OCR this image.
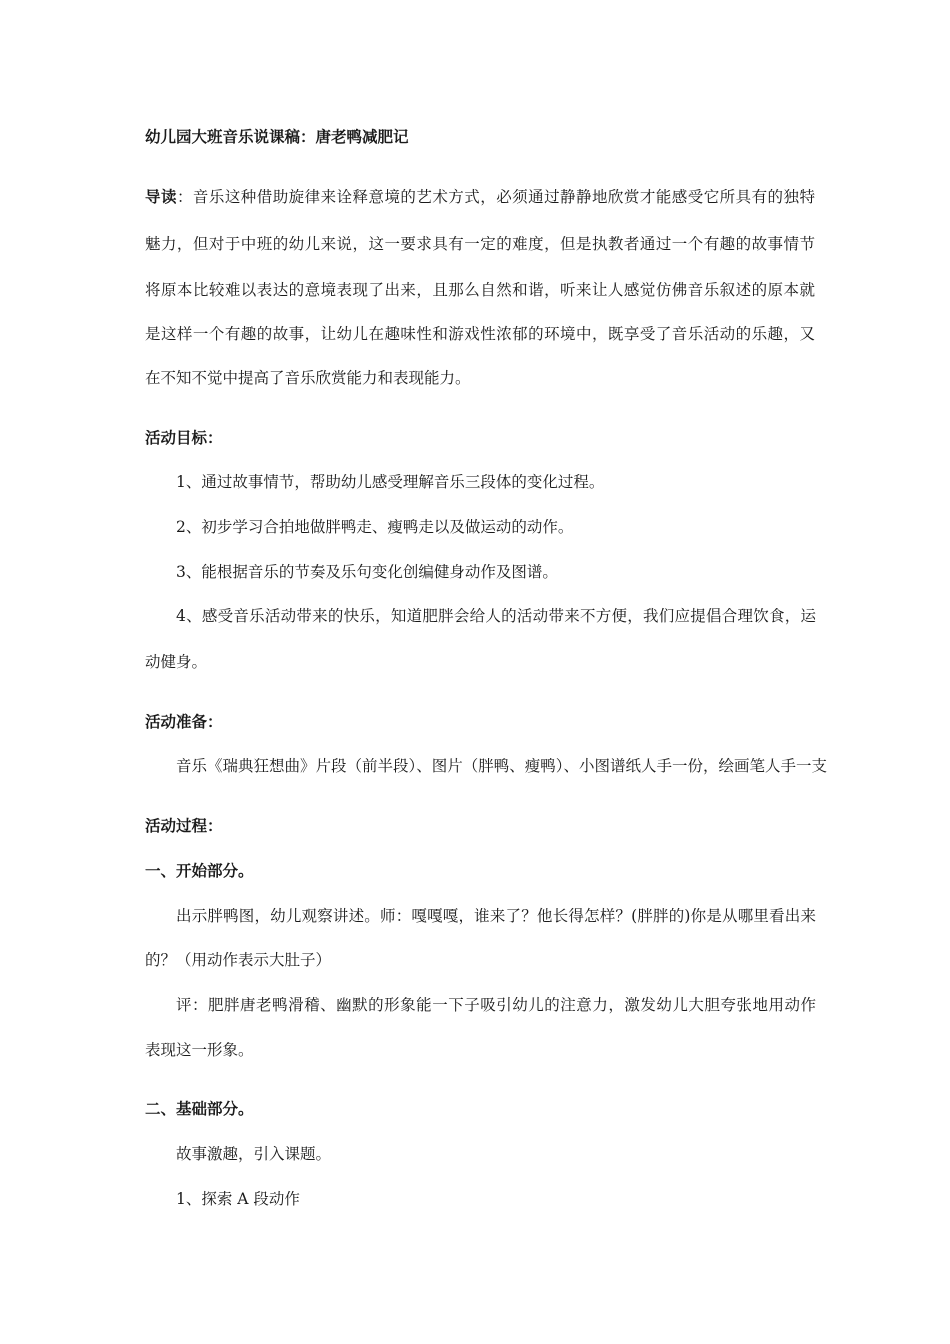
幼儿园大班音乐说课稿：唐老鸭减肥记
导读：音乐这种借助旋律来诠释意境的艺术方式，必须通过静静地欣赏才能感受它所具有的独特
魅力，但对于中班的幼儿来说，这一要求具有一定的难度，但是执教者通过一个有趣的故事情节
将原本比较难以表达的意境表现了出来，且那么自然和谐，听来让人感觉仿佛音乐叙述的原本就
是这样一个有趣的故事，让幼儿在趣味性和游戏性浓郁的环境中，既享受了音乐活动的乐趣，又
在不知不觉中提高了音乐欣赏能力和表现能力。
活动目标：
1、通过故事情节，帮助幼儿感受理解音乐三段体的变化过程。
2、初步学习合拍地做胖鸭走、瘦鸭走以及做运动的动作。
3、能根据音乐的节奏及乐句变化创编健身动作及图谱。
4、感受音乐活动带来的快乐，知道肥胖会给人的活动带来不方便，我们应提倡合理饮食，运
动健身。
活动准备：
音乐《瑞典狂想曲》片段（前半段）、图片（胖鸭、瘦鸭）、小图谱纸人手一份，绘画笔人手一支
活动过程：
一、开始部分。
出示胖鸭图，幼儿观察讲述。师：嘎嘎嘎，谁来了？他长得怎样？(胖胖的)你是从哪里看出来
的？（用动作表示大肚子）
评：肥胖唐老鸭滑稽、幽默的形象能一下子吸引幼儿的注意力，激发幼儿大胆夸张地用动作
表现这一形象。
二、基础部分。
故事激趣，引入课题。
1、探索 A 段动作
